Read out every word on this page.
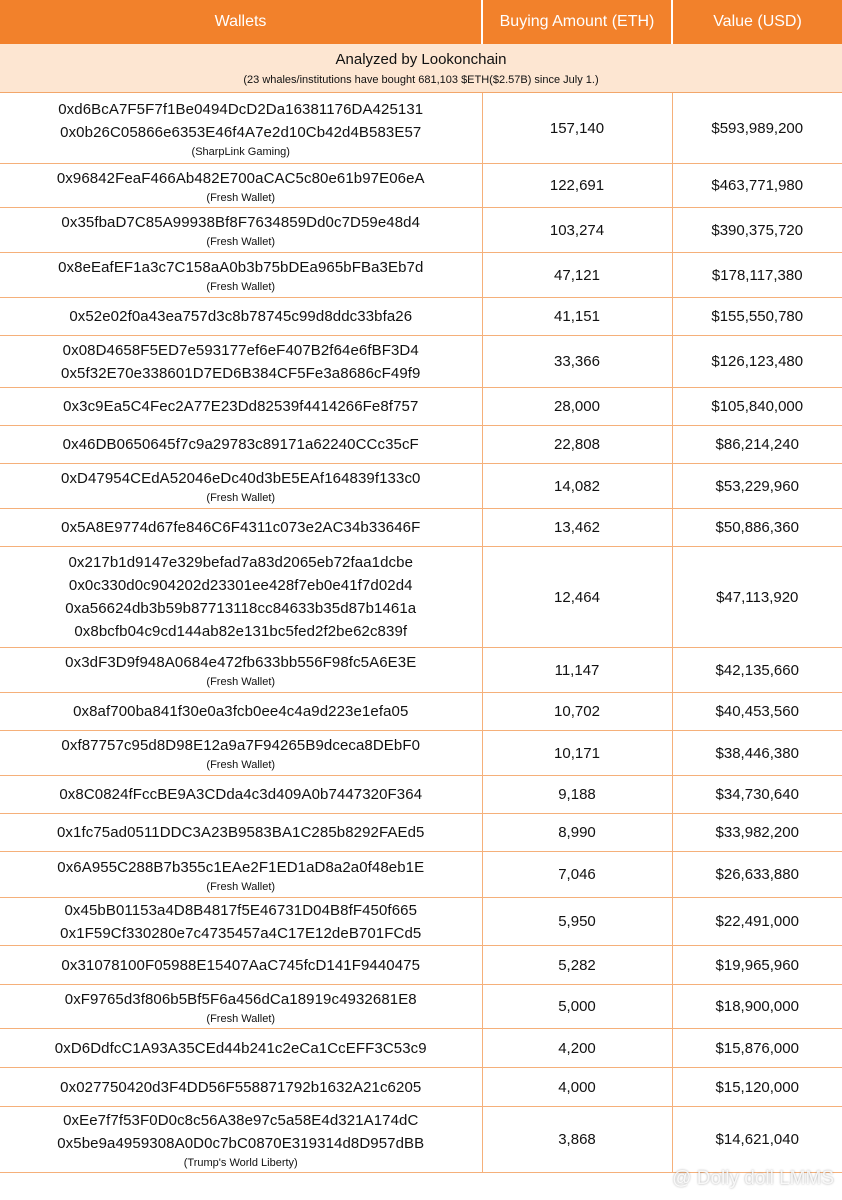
Wallets	Buying Amount (ETH)	Value (USD)

Analyzed by Lookonchain
(23 whales/institutions have bought 681,103 $ETH($2.57B) since July 1.)		

0xd6BcA7F5F7f1Be0494DcD2Da16381176DA425131
0x0b26C05866e6353E46f4A7e2d10Cb42d4B583E57
(SharpLink Gaming)	157,140	$593,989,200

0x96842FeaF466Ab482E700aCAC5c80e61b97E06eA
(Fresh Wallet)	122,691	$463,771,980

0x35fbaD7C85A99938Bf8F7634859Dd0c7D59e48d4
(Fresh Wallet)	103,274	$390,375,720

0x8eEafEF1a3c7C158aA0b3b75bDEa965bFBa3Eb7d
(Fresh Wallet)	47,121	$178,117,380

0x52e02f0a43ea757d3c8b78745c99d8ddc33bfa26	41,151	$155,550,780

0x08D4658F5ED7e593177ef6eF407B2f64e6fBF3D4
0x5f32E70e338601D7ED6B384CF5Fe3a8686cF49f9	33,366	$126,123,480

0x3c9Ea5C4Fec2A77E23Dd82539f4414266Fe8f757	28,000	$105,840,000

0x46DB0650645f7c9a29783c89171a62240CCc35cF	22,808	$86,214,240

0xD47954CEdA52046eDc40d3bE5EAf164839f133c0
(Fresh Wallet)	14,082	$53,229,960

0x5A8E9774d67fe846C6F4311c073e2AC34b33646F	13,462	$50,886,360

0x217b1d9147e329befad7a83d2065eb72faa1dcbe
0x0c330d0c904202d23301ee428f7eb0e41f7d02d4
0xa56624db3b59b87713118cc84633b35d87b1461a
0x8bcfb04c9cd144ab82e131bc5fed2f2be62c839f	12,464	$47,113,920

0x3dF3D9f948A0684e472fb633bb556F98fc5A6E3E
(Fresh Wallet)	11,147	$42,135,660

0x8af700ba841f30e0a3fcb0ee4c4a9d223e1efa05	10,702	$40,453,560

0xf87757c95d8D98E12a9a7F94265B9dceca8DEbF0
(Fresh Wallet)	10,171	$38,446,380

0x8C0824fFccBE9A3CDda4c3d409A0b7447320F364	9,188	$34,730,640

0x1fc75ad0511DDC3A23B9583BA1C285b8292FAEd5	8,990	$33,982,200

0x6A955C288B7b355c1EAe2F1ED1aD8a2a0f48eb1E
(Fresh Wallet)	7,046	$26,633,880

0x45bB01153a4D8B4817f5E46731D04B8fF450f665
0x1F59Cf330280e7c4735457a4C17E12deB701FCd5	5,950	$22,491,000

0x31078100F05988E15407AaC745fcD141F9440475	5,282	$19,965,960

0xF9765d3f806b5Bf5F6a456dCa18919c4932681E8
(Fresh Wallet)	5,000	$18,900,000

0xD6DdfcC1A93A35CEd44b241c2eCa1CcEFF3C53c9	4,200	$15,876,000

0x027750420d3F4DD56F558871792b1632A21c6205	4,000	$15,120,000

0xEe7f7f53F0D0c8c56A38e97c5a58E4d321A174dC
0x5be9a4959308A0D0c7bC0870E319314d8D957dBB
(Trump's World Liberty)	3,868	$14,621,040
@ Dolly doll LMMS
